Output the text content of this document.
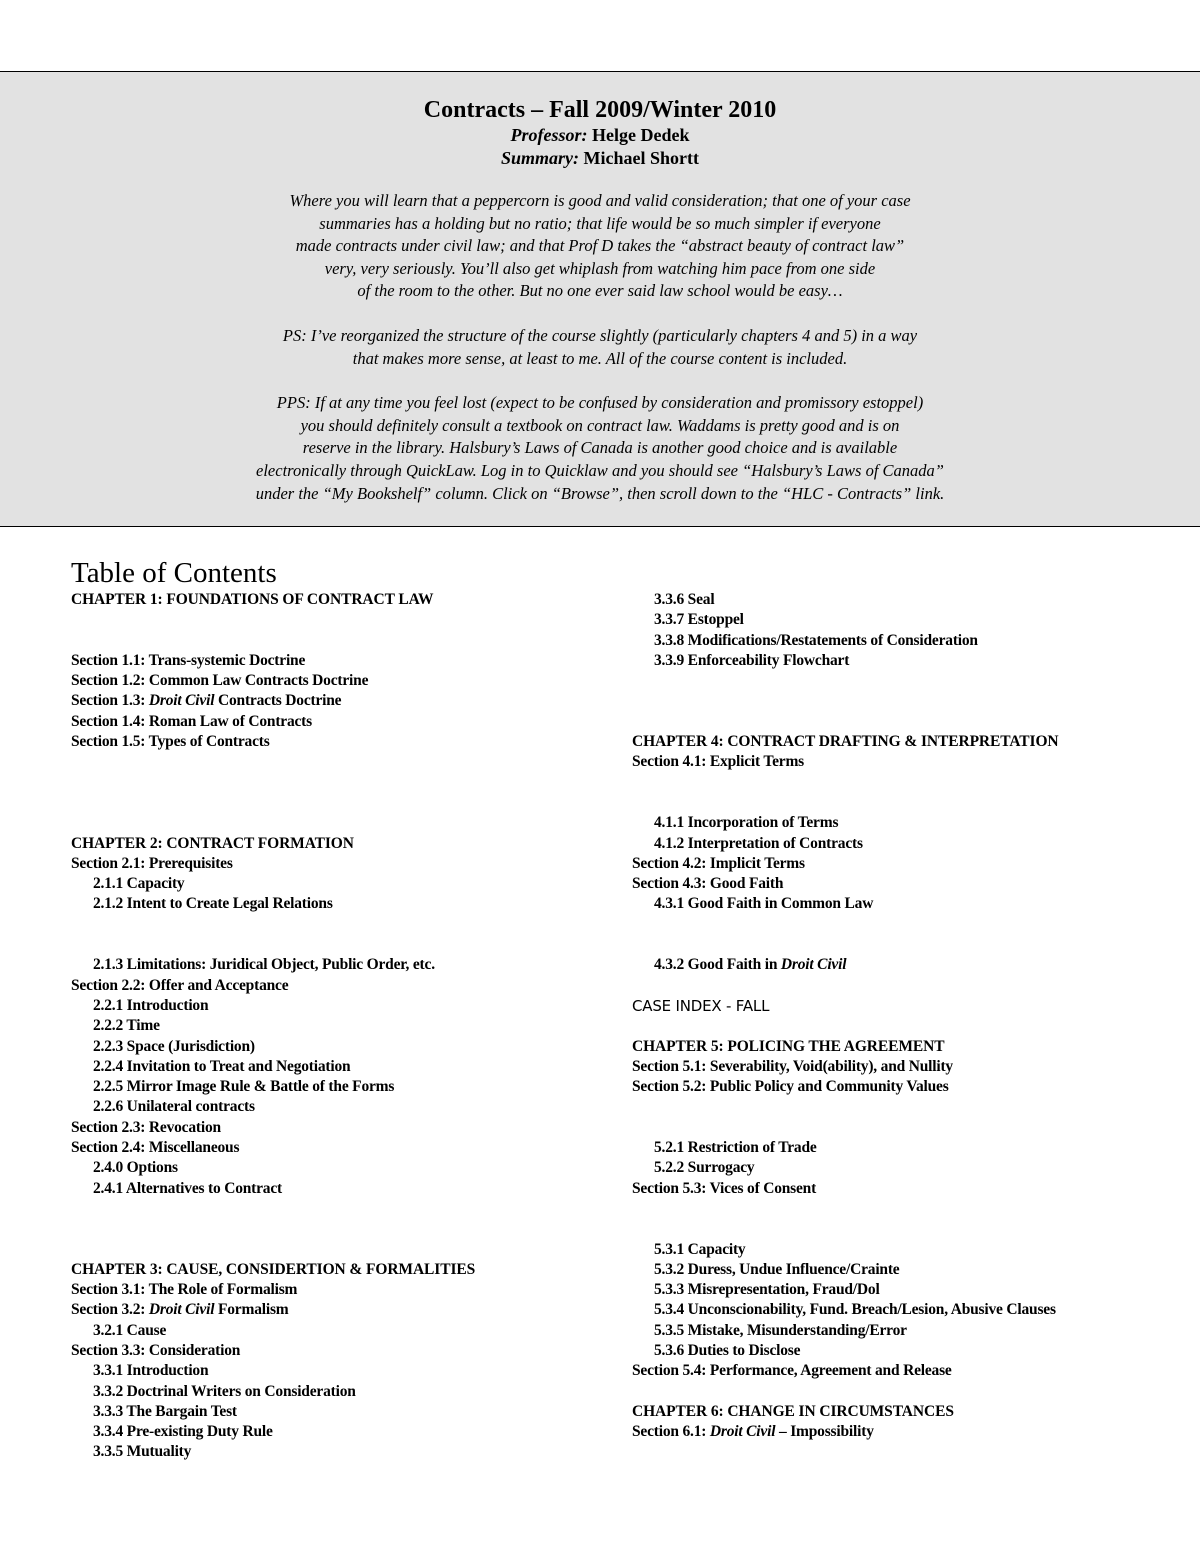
Contracts – Fall 2009/Winter 2010
Professor: Helge Dedek
Summary: Michael Shortt

Where you will learn that a peppercorn is good and valid consideration; that one of your case
summaries has a holding but no ratio; that life would be so much simpler if everyone
made contracts under civil law; and that Prof D takes the “abstract beauty of contract law”
very, very seriously. You’ll also get whiplash from watching him pace from one side
of the room to the other. But no one ever said law school would be easy…

PS: I’ve reorganized the structure of the course slightly (particularly chapters 4 and 5) in a way
that makes more sense, at least to me. All of the course content is included.

PPS: If at any time you feel lost (expect to be confused by consideration and promissory estoppel)
you should definitely consult a textbook on contract law. Waddams is pretty good and is on
reserve in the library. Halsbury’s Laws of Canada is another good choice and is available
electronically through QuickLaw. Log in to Quicklaw and you should see “Halsbury’s Laws of Canada”
under the “My Bookshelf” column. Click on “Browse”, then scroll down to the “HLC - Contracts” link.

Table of Contents
CHAPTER 1: FOUNDATIONS OF CONTRACT LAW
Section 1.1: Trans-systemic Doctrine
Section 1.2: Common Law Contracts Doctrine
Section 1.3: Droit Civil Contracts Doctrine
Section 1.4: Roman Law of Contracts
Section 1.5: Types of Contracts
CHAPTER 2: CONTRACT FORMATION
Section 2.1: Prerequisites
2.1.1 Capacity
2.1.2 Intent to Create Legal Relations
2.1.3 Limitations: Juridical Object, Public Order, etc.
Section 2.2: Offer and Acceptance
2.2.1 Introduction
2.2.2 Time
2.2.3 Space (Jurisdiction)
2.2.4 Invitation to Treat and Negotiation
2.2.5 Mirror Image Rule & Battle of the Forms
2.2.6 Unilateral contracts
Section 2.3: Revocation
Section 2.4: Miscellaneous
2.4.0 Options
2.4.1 Alternatives to Contract
CHAPTER 3: CAUSE, CONSIDERTION & FORMALITIES
Section 3.1: The Role of Formalism
Section 3.2: Droit Civil Formalism
3.2.1 Cause
Section 3.3: Consideration
3.3.1 Introduction
3.3.2 Doctrinal Writers on Consideration
3.3.3 The Bargain Test
3.3.4 Pre-existing Duty Rule
3.3.5 Mutuality
3.3.6 Seal
3.3.7 Estoppel
3.3.8 Modifications/Restatements of Consideration
3.3.9 Enforceability Flowchart
CHAPTER 4: CONTRACT DRAFTING & INTERPRETATION
Section 4.1: Explicit Terms
4.1.1 Incorporation of Terms
4.1.2 Interpretation of Contracts
Section 4.2: Implicit Terms
Section 4.3: Good Faith
4.3.1 Good Faith in Common Law
4.3.2 Good Faith in Droit Civil
CASE INDEX - FALL
CHAPTER 5: POLICING THE AGREEMENT
Section 5.1: Severability, Void(ability), and Nullity
Section 5.2: Public Policy and Community Values
5.2.1 Restriction of Trade
5.2.2 Surrogacy
Section 5.3: Vices of Consent
5.3.1 Capacity
5.3.2 Duress, Undue Influence/Crainte
5.3.3 Misrepresentation, Fraud/Dol
5.3.4 Unconscionability, Fund. Breach/Lesion, Abusive Clauses
5.3.5 Mistake, Misunderstanding/Error
5.3.6 Duties to Disclose
Section 5.4: Performance, Agreement and Release
CHAPTER 6: CHANGE IN CIRCUMSTANCES
Section 6.1: Droit Civil – Impossibility
